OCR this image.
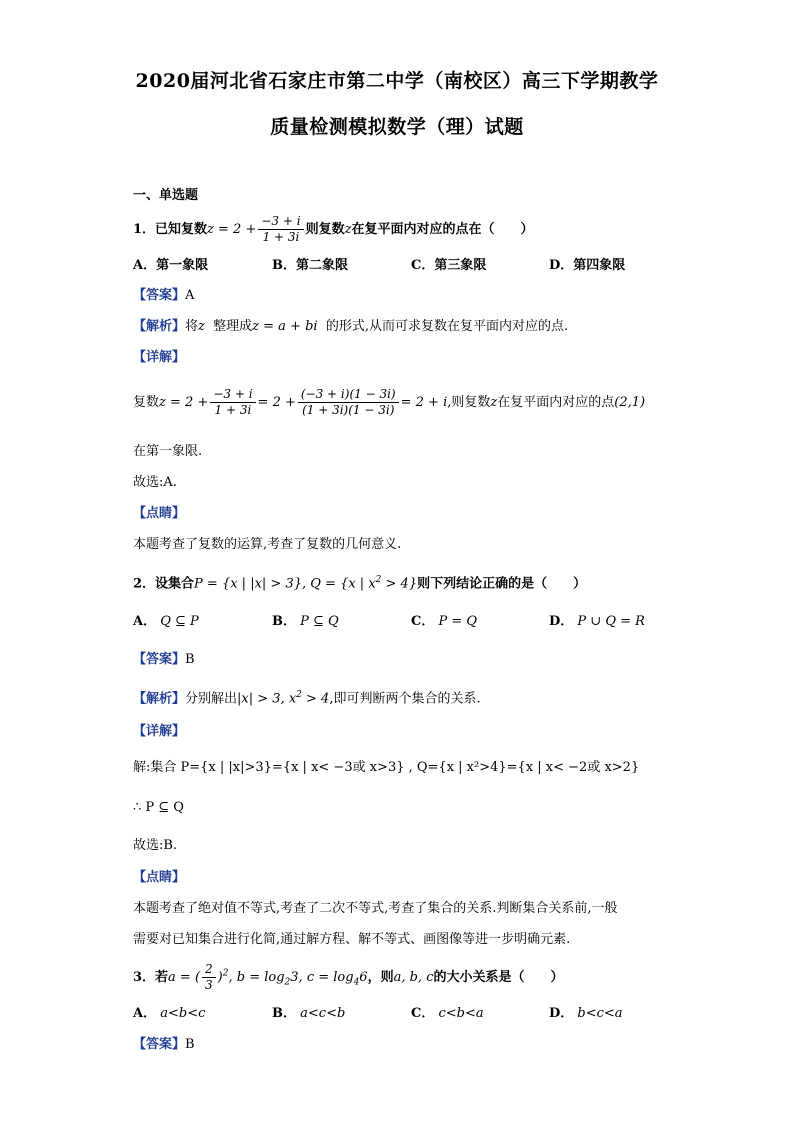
2020届河北省石家庄市第二中学（南校区）高三下学期教学
质量检测模拟数学（理）试题
一、单选题
1．已知复数$z = 2 + \frac{-3 + i}{1 + 3i}$ 则复数z在复平面内对应的点在（　　）
A．第一象限	B．第二象限	C．第三象限	D．第四象限
【答案】A
【解析】将z 整理成z = a + bi 的形式,从而可求复数在复平面内对应的点.
【详解】
复数$z = 2 + \frac{-3 + i}{1 + 3i} = 2 + \frac{(-3 + i)(1 - 3i)}{(1 + 3i)(1 - 3i)} = 2 + i$,则复数z在复平面内对应的点(2,1)
在第一象限.
故选:A.
【点睛】
本题考查了复数的运算,考查了复数的几何意义.
2．设集合P = {x | |x| > 3}, Q = {x | $x^2 > 4$}则下列结论正确的是（　　）
A． Q ⊆ P	B． P ⊆ Q	C． P = Q	D． P ∪ Q = R
【答案】B
【解析】分别解出|x| > 3, $x^2 > 4$,即可判断两个集合的关系.
【详解】
解:集合 P={x | |x|>3}={x | x< −3或 x>3} , Q={x | x²>4}={x | x< −2或 x>2}
∴ P ⊆ Q
故选:B.
【点睛】
本题考查了绝对值不等式,考查了二次不等式,考查了集合的关系.判断集合关系前,一般
需要对已知集合进行化简,通过解方程、解不等式、画图像等进一步明确元素.
3．若a = ( $\frac{2}{3} )^2$, $b = \log_23$, $c = \log_46$，则a, b, c的大小关系是（　　）
A． a<b<c	B． a<c<b	C． c<b<a	D． b<c<a
【答案】B
